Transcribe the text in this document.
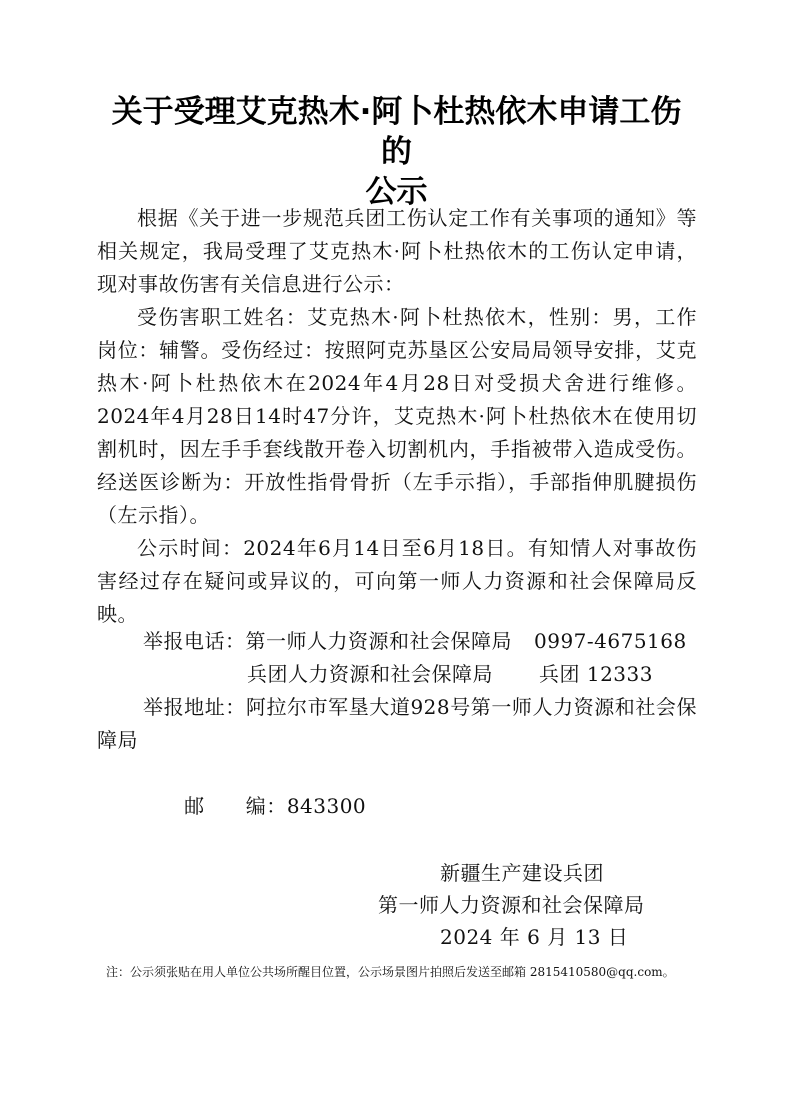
关于受理艾克热木·阿卜杜热依木申请工伤的
公示

根据《关于进一步规范兵团工伤认定工作有关事项的通知》等相关规定，我局受理了艾克热木·阿卜杜热依木的工伤认定申请，现对事故伤害有关信息进行公示：

受伤害职工姓名：艾克热木·阿卜杜热依木，性别：男，工作岗位：辅警。受伤经过：按照阿克苏垦区公安局局领导安排，艾克热木·阿卜杜热依木在2024年4月28日对受损犬舍进行维修。2024年4月28日14时47分许，艾克热木·阿卜杜热依木在使用切割机时，因左手手套线散开卷入切割机内，手指被带入造成受伤。经送医诊断为：开放性指骨骨折（左手示指），手部指伸肌腱损伤（左示指）。

公示时间：2024年6月14日至6月18日。有知情人对事故伤害经过存在疑问或异议的，可向第一师人力资源和社会保障局反映。

举报电话：第一师人力资源和社会保障局 0997-4675168
兵团人力资源和社会保障局 兵团 12333
举报地址：阿拉尔市军垦大道928号第一师人力资源和社会保障局

邮      编：843300

新疆生产建设兵团
第一师人力资源和社会保障局
2024 年 6 月 13 日
注：公示须张贴在用人单位公共场所醒目位置，公示场景图片拍照后发送至邮箱 2815410580@qq.com。
